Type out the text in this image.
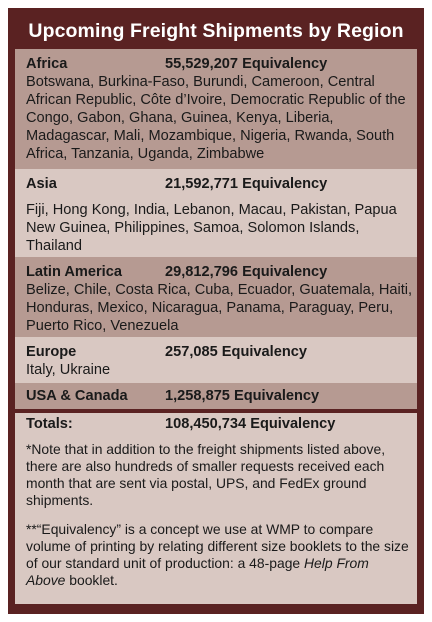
Upcoming Freight Shipments by Region
Africa	55,529,207 Equivalency
Botswana, Burkina-Faso, Burundi, Cameroon, Central African Republic, Côte d’Ivoire, Democratic Republic of the Congo, Gabon, Ghana, Guinea, Kenya, Liberia, Madagascar, Mali, Mozambique, Nigeria, Rwanda, South Africa, Tanzania, Uganda, Zimbabwe
Asia	21,592,771 Equivalency
Fiji, Hong Kong, India, Lebanon, Macau, Pakistan, Papua New Guinea, Philippines, Samoa, Solomon Islands, Thailand
Latin America	29,812,796 Equivalency
Belize, Chile, Costa Rica, Cuba, Ecuador, Guatemala, Haiti, Honduras, Mexico, Nicaragua, Panama, Paraguay, Peru, Puerto Rico, Venezuela
Europe	257,085 Equivalency
Italy, Ukraine
USA & Canada	1,258,875 Equivalency
Totals:	108,450,734 Equivalency

*Note that in addition to the freight shipments listed above, there are also hundreds of smaller requests received each month that are sent via postal, UPS, and FedEx ground shipments.

**“Equivalency” is a concept we use at WMP to compare volume of printing by relating different size booklets to the size of our standard unit of production: a 48-page Help From Above booklet.
